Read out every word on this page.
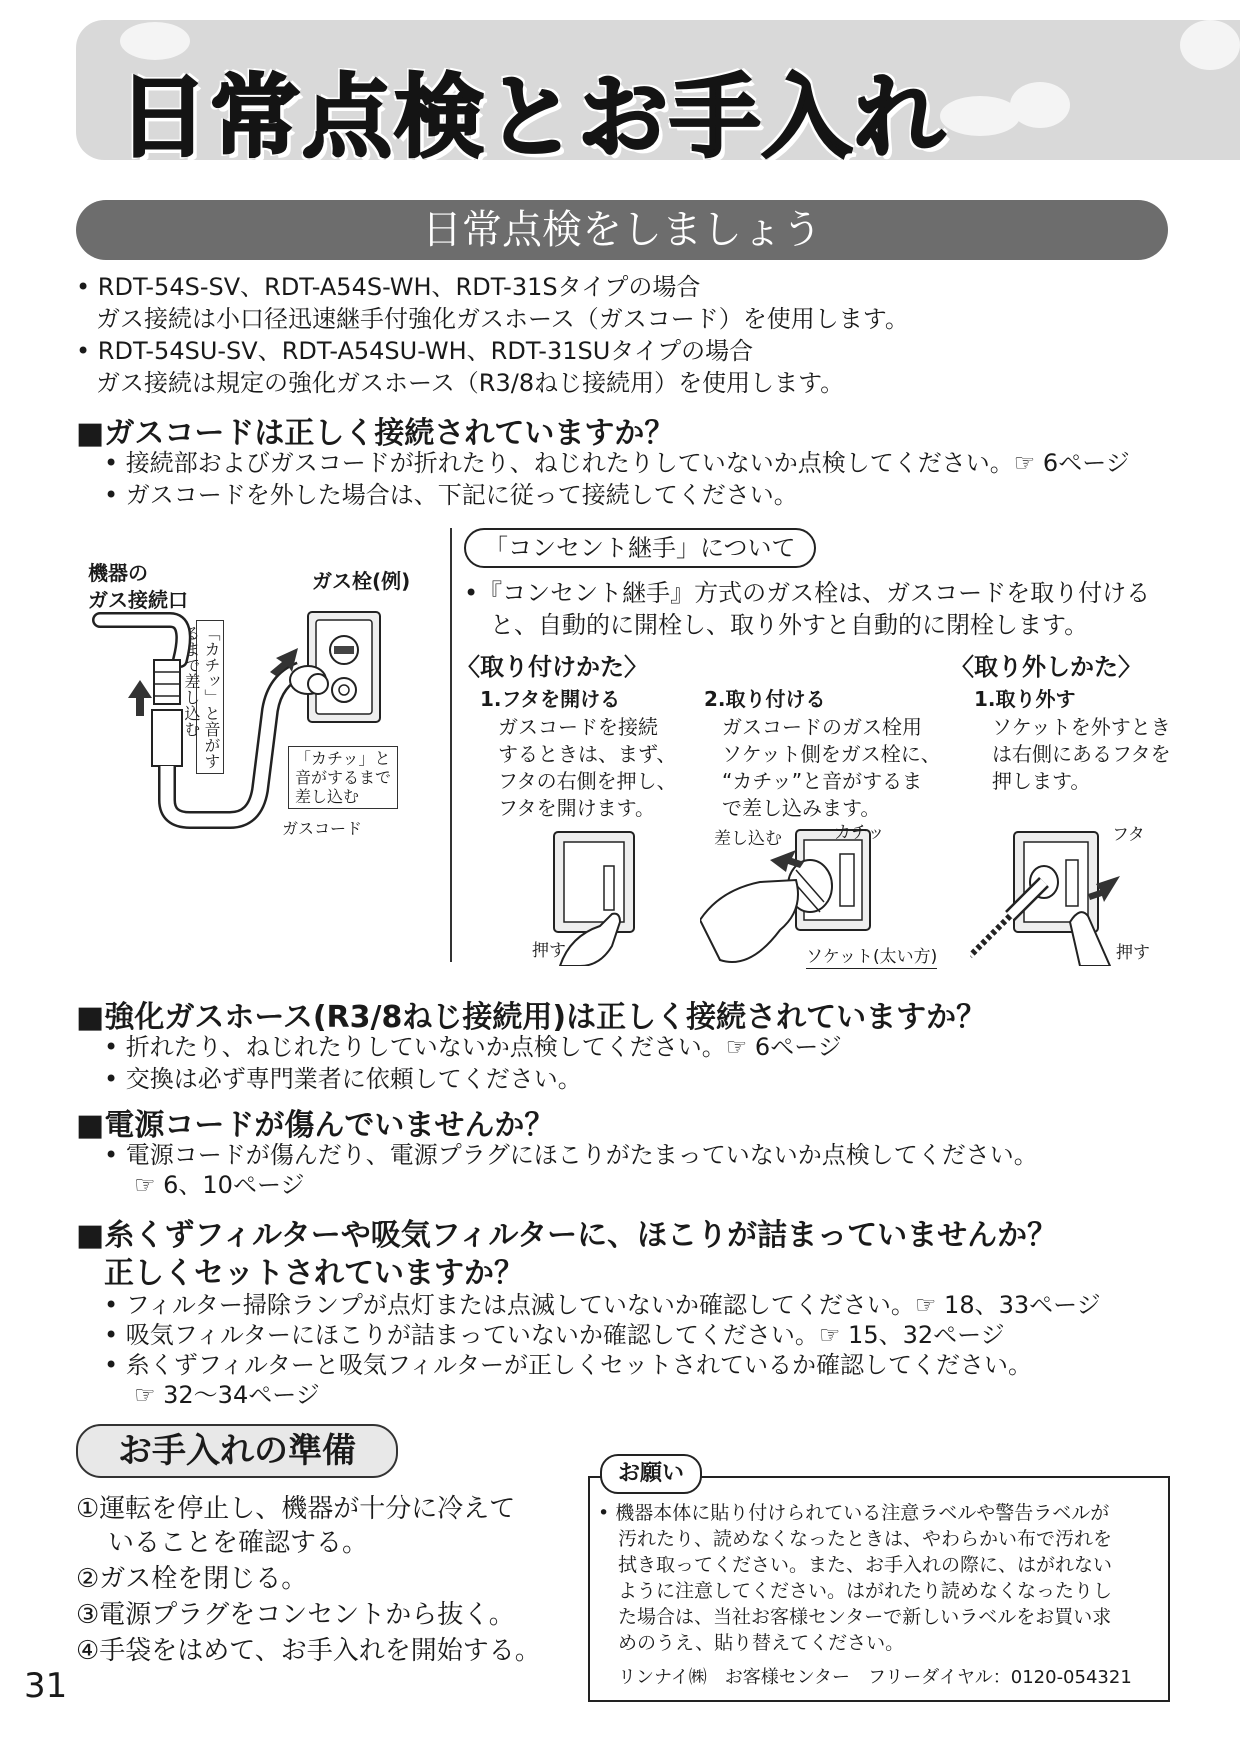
日常点検とお手入れ
日常点検をしましょう
• RDT-54S-SV、RDT-A54S-WH、RDT-31Sタイプの場合
ガス接続は小口径迅速継手付強化ガスホース（ガスコード）を使用します。
• RDT-54SU-SV、RDT-A54SU-WH、RDT-31SUタイプの場合
ガス接続は規定の強化ガスホース（R3/8ねじ接続用）を使用します。
■ガスコードは正しく接続されていますか？
• 接続部およびガスコードが折れたり、ねじれたりしていないか点検してください。☞ 6ページ
• ガスコードを外した場合は、下記に従って接続してください。
機器の
ガス接続口
ガス栓(例)
「カチッ」と音がするまで差し込む
「カチッ」と
音がするまで
差し込む
ガスコード
「コンセント継手」について
•『コンセント継手』方式のガス栓は、ガスコードを取り付ける
と、自動的に開栓し、取り外すと自動的に閉栓します。
〈取り付けかた〉	〈取り外しかた〉
1.フタを開ける
ガスコードを接続
するときは、まず、
フタの右側を押し、
フタを開けます。
2.取り付ける
ガスコードのガス栓用
ソケット側をガス栓に、
“カチッ”と音がするま
で差し込みます。
1.取り外す
ソケットを外すとき
は右側にあるフタを
押します。
押す
差し込む	カチッ
ソケット(太い方)
フタ
押す
■強化ガスホース(R3/8ねじ接続用)は正しく接続されていますか？
• 折れたり、ねじれたりしていないか点検してください。☞ 6ページ
• 交換は必ず専門業者に依頼してください。
■電源コードが傷んでいませんか？
• 電源コードが傷んだり、電源プラグにほこりがたまっていないか点検してください。
☞ 6、10ページ
■糸くずフィルターや吸気フィルターに、ほこりが詰まっていませんか？
正しくセットされていますか？
• フィルター掃除ランプが点灯または点滅していないか確認してください。☞ 18、33ページ
• 吸気フィルターにほこりが詰まっていないか確認してください。☞ 15、32ページ
• 糸くずフィルターと吸気フィルターが正しくセットされているか確認してください。
☞ 32〜34ページ
お手入れの準備
①運転を停止し、機器が十分に冷えて
いることを確認する。
②ガス栓を閉じる。
③電源プラグをコンセントから抜く。
④手袋をはめて、お手入れを開始する。
お願い
• 機器本体に貼り付けられている注意ラベルや警告ラベルが
汚れたり、読めなくなったときは、やわらかい布で汚れを
拭き取ってください。また、お手入れの際に、はがれない
ように注意してください。はがれたり読めなくなったりし
た場合は、当社お客様センターで新しいラベルをお買い求
めのうえ、貼り替えてください。
リンナイ㈱　お客様センター　フリーダイヤル：0120-054321
31
